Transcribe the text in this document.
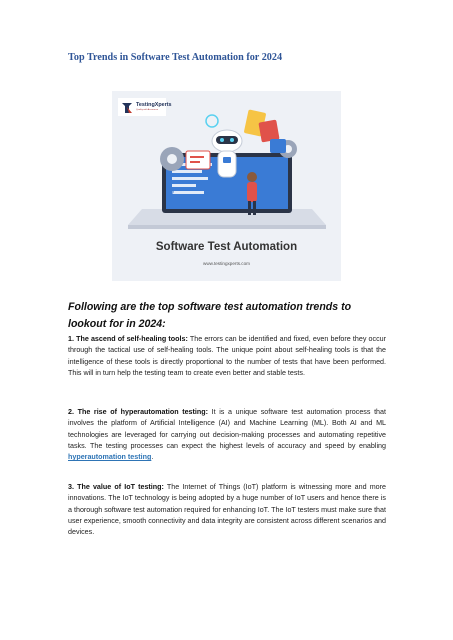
Top Trends in Software Test Automation for 2024
TestingXperts
Quality with Assurance
Software Test Automation
www.testingxperts.com
Following are the top software test automation trends to lookout for in 2024:
1. The ascend of self-healing tools: The errors can be identified and fixed, even before they occur through the tactical use of self-healing tools. The unique point about self-healing tools is that the intelligence of these tools is directly proportional to the number of tests that have been performed. This will in turn help the testing team to create even better and stable tests.
2. The rise of hyperautomation testing: It is a unique software test automation process that involves the platform of Artificial Intelligence (AI) and Machine Learning (ML). Both AI and ML technologies are leveraged for carrying out decision-making processes and automating repetitive tasks. The testing processes can expect the highest levels of accuracy and speed by enabling hyperautomation testing.
3. The value of IoT testing: The Internet of Things (IoT) platform is witnessing more and more innovations. The IoT technology is being adopted by a huge number of IoT users and hence there is a thorough software test automation required for enhancing IoT. The IoT testers must make sure that user experience, smooth connectivity and data integrity are consistent across different scenarios and devices.
